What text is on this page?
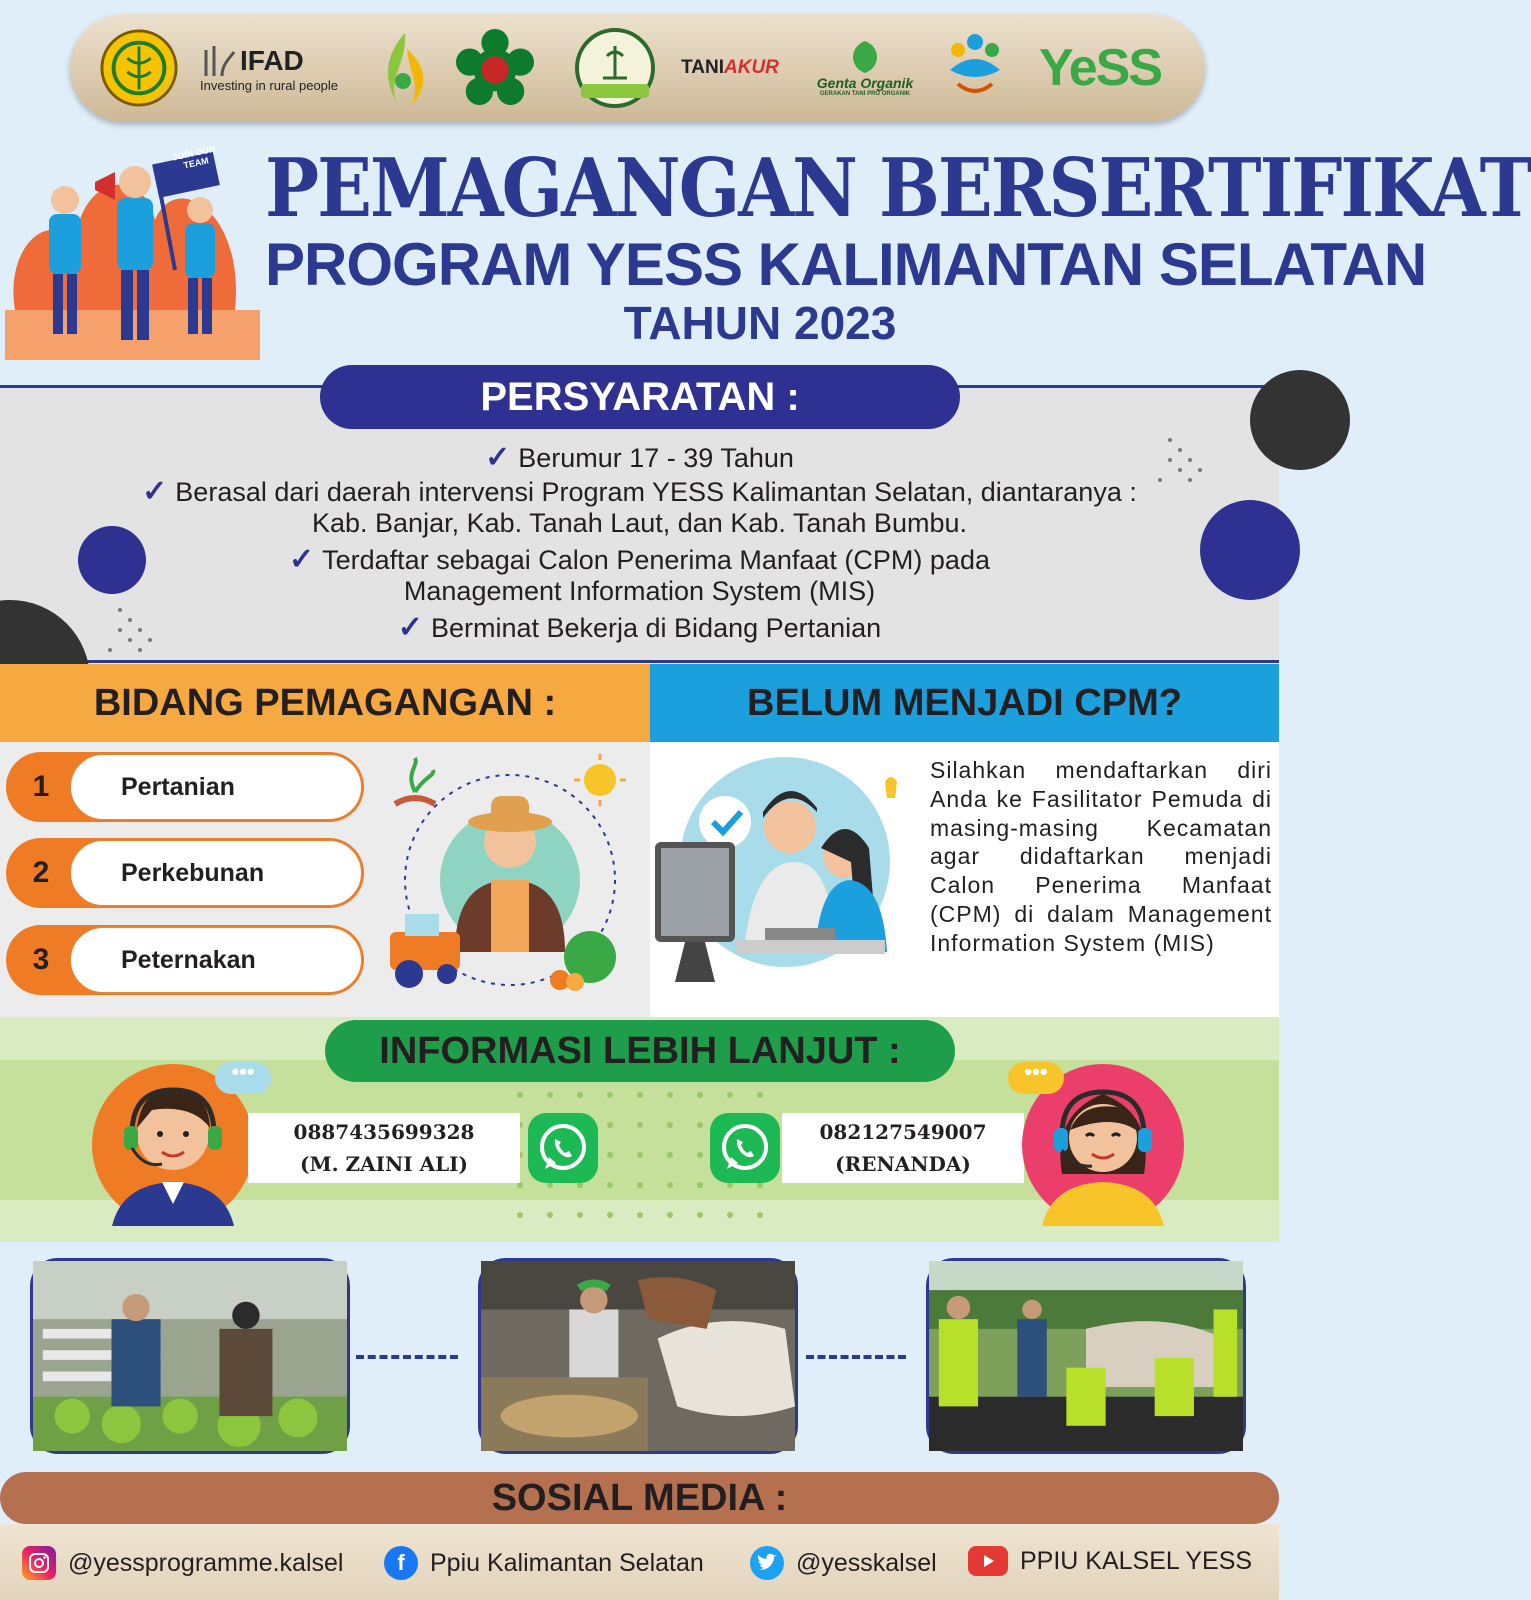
IFAD
Investing in rural people
TANI AKUR
Genta Organik
GERAKAN TANI PRO ORGANIK YeSS
JOIN OUR TEAM PEMAGANGAN BERSERTIFIKAT
PROGRAM YESS KALIMANTAN SELATAN
TAHUN 2023
PERSYARATAN :
✓ Berumur 17 - 39 Tahun
✓ Berasal dari daerah intervensi Program YESS Kalimantan Selatan, diantaranya :
Kab. Banjar, Kab. Tanah Laut, dan Kab. Tanah Bumbu.
✓ Terdaftar sebagai Calon Penerima Manfaat (CPM) pada
Management Information System (MIS)
✓ Berminat Bekerja di Bidang Pertanian
BIDANG PEMAGANGAN :	BELUM MENJADI CPM?
1	Pertanian
2	Perkebunan
3	Peternakan
Silahkan mendaftarkan diri Anda ke Fasilitator Pemuda di masing-masing Kecamatan agar didaftarkan menjadi Calon Penerima Manfaat (CPM) di dalam Management Information System (MIS)
INFORMASI LEBIH LANJUT :
•••
0887435699328
(M. ZAINI ALI)
082127549007
(RENANDA)
•••
SOSIAL MEDIA :
@yessprogramme.kalsel	f	Ppiu Kalimantan Selatan	@yesskalsel	PPIU KALSEL YESS
